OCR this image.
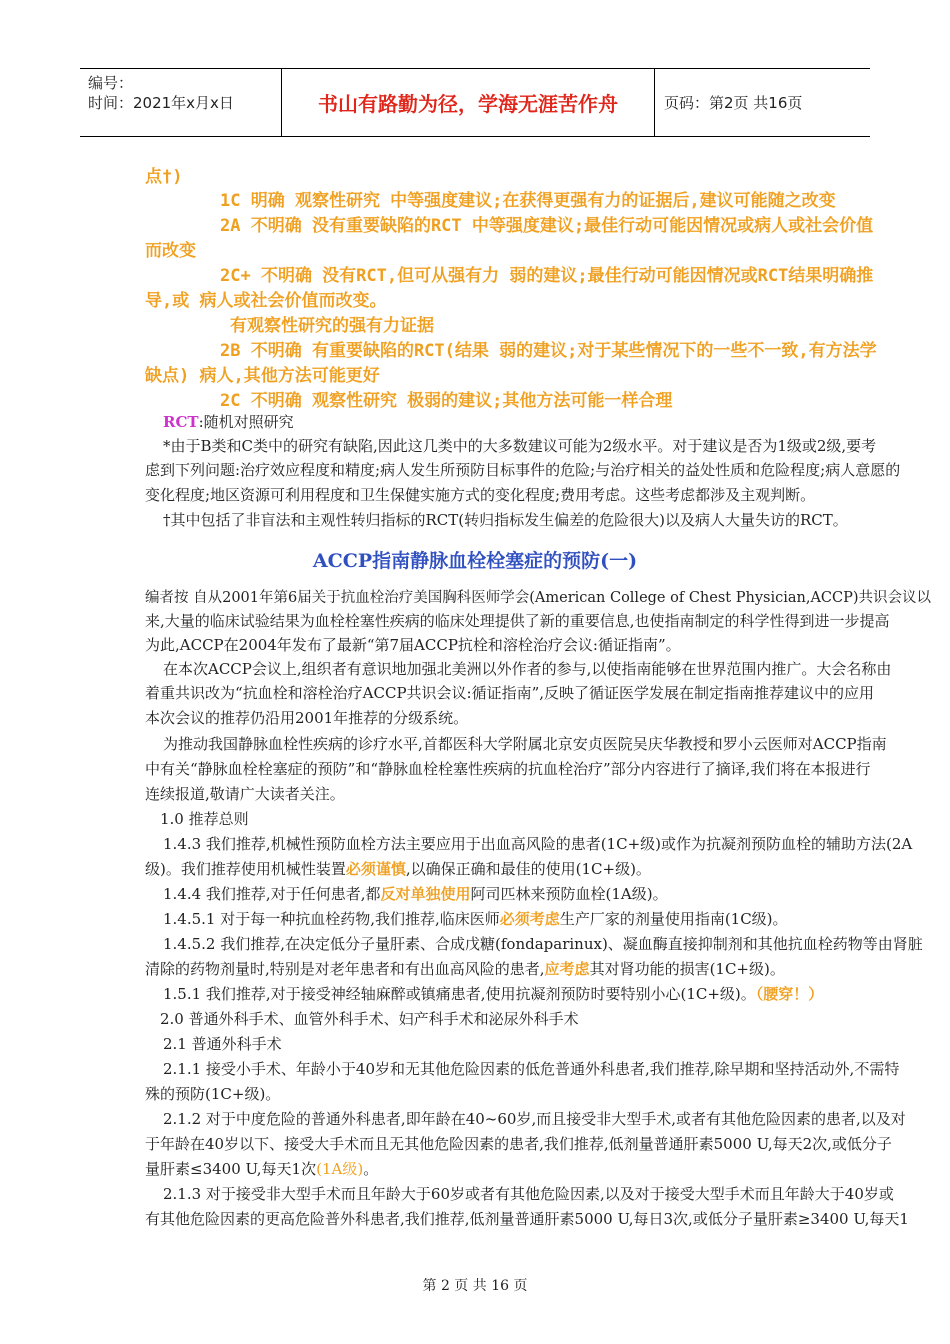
编号：
时间：2021年x月x日	书山有路勤为径，学海无涯苦作舟	页码：第2页 共16页
点†)
1C 明确 观察性研究 中等强度建议;在获得更强有力的证据后,建议可能随之改变
2A 不明确 没有重要缺陷的RCT 中等强度建议;最佳行动可能因情况或病人或社会价值
而改变
2C+ 不明确 没有RCT,但可从强有力 弱的建议;最佳行动可能因情况或RCT结果明确推
导,或 病人或社会价值而改变。
有观察性研究的强有力证据
2B 不明确 有重要缺陷的RCT(结果 弱的建议;对于某些情况下的一些不一致,有方法学
缺点) 病人,其他方法可能更好
2C 不明确 观察性研究 极弱的建议;其他方法可能一样合理
RCT:随机对照研究
*由于B类和C类中的研究有缺陷,因此这几类中的大多数建议可能为2级水平。对于建议是否为1级或2级,要考
虑到下列问题:治疗效应程度和精度;病人发生所预防目标事件的危险;与治疗相关的益处性质和危险程度;病人意愿的
变化程度;地区资源可利用程度和卫生保健实施方式的变化程度;费用考虑。这些考虑都涉及主观判断。
†其中包括了非盲法和主观性转归指标的RCT(转归指标发生偏差的危险很大)以及病人大量失访的RCT。
ACCP指南静脉血栓栓塞症的预防(一)
编者按 自从2001年第6届关于抗血栓治疗美国胸科医师学会(American College of Chest Physician,ACCP)共识会议以
来,大量的临床试验结果为血栓栓塞性疾病的临床处理提供了新的重要信息,也使指南制定的科学性得到进一步提高
为此,ACCP在2004年发布了最新“第7届ACCP抗栓和溶栓治疗会议:循证指南”。
在本次ACCP会议上,组织者有意识地加强北美洲以外作者的参与,以使指南能够在世界范围内推广。大会名称由
着重共识改为“抗血栓和溶栓治疗ACCP共识会议:循证指南”,反映了循证医学发展在制定指南推荐建议中的应用
本次会议的推荐仍沿用2001年推荐的分级系统。
为推动我国静脉血栓性疾病的诊疗水平,首都医科大学附属北京安贞医院吴庆华教授和罗小云医师对ACCP指南
中有关“静脉血栓栓塞症的预防”和“静脉血栓栓塞性疾病的抗血栓治疗”部分内容进行了摘译,我们将在本报进行
连续报道,敬请广大读者关注。
1.0 推荐总则
1.4.3 我们推荐,机械性预防血栓方法主要应用于出血高风险的患者(1C+级)或作为抗凝剂预防血栓的辅助方法(2A
级)。我们推荐使用机械性装置必须谨慎,以确保正确和最佳的使用(1C+级)。
1.4.4 我们推荐,对于任何患者,都反对单独使用阿司匹林来预防血栓(1A级)。
1.4.5.1 对于每一种抗血栓药物,我们推荐,临床医师必须考虑生产厂家的剂量使用指南(1C级)。
1.4.5.2 我们推荐,在决定低分子量肝素、合成戊糖(fondaparinux)、凝血酶直接抑制剂和其他抗血栓药物等由肾脏
清除的药物剂量时,特别是对老年患者和有出血高风险的患者,应考虑其对肾功能的损害(1C+级)。
1.5.1 我们推荐,对于接受神经轴麻醉或镇痛患者,使用抗凝剂预防时要特别小心(1C+级)。（腰穿！）
2.0 普通外科手术、血管外科手术、妇产科手术和泌尿外科手术
2.1 普通外科手术
2.1.1 接受小手术、年龄小于40岁和无其他危险因素的低危普通外科患者,我们推荐,除早期和坚持活动外,不需特
殊的预防(1C+级)。
2.1.2 对于中度危险的普通外科患者,即年龄在40~60岁,而且接受非大型手术,或者有其他危险因素的患者,以及对
于年龄在40岁以下、接受大手术而且无其他危险因素的患者,我们推荐,低剂量普通肝素5000 U,每天2次,或低分子
量肝素≤3400 U,每天1次(1A级)。
2.1.3 对于接受非大型手术而且年龄大于60岁或者有其他危险因素,以及对于接受大型手术而且年龄大于40岁或
有其他危险因素的更高危险普外科患者,我们推荐,低剂量普通肝素5000 U,每日3次,或低分子量肝素≥3400 U,每天1
第 2 页 共 16 页
